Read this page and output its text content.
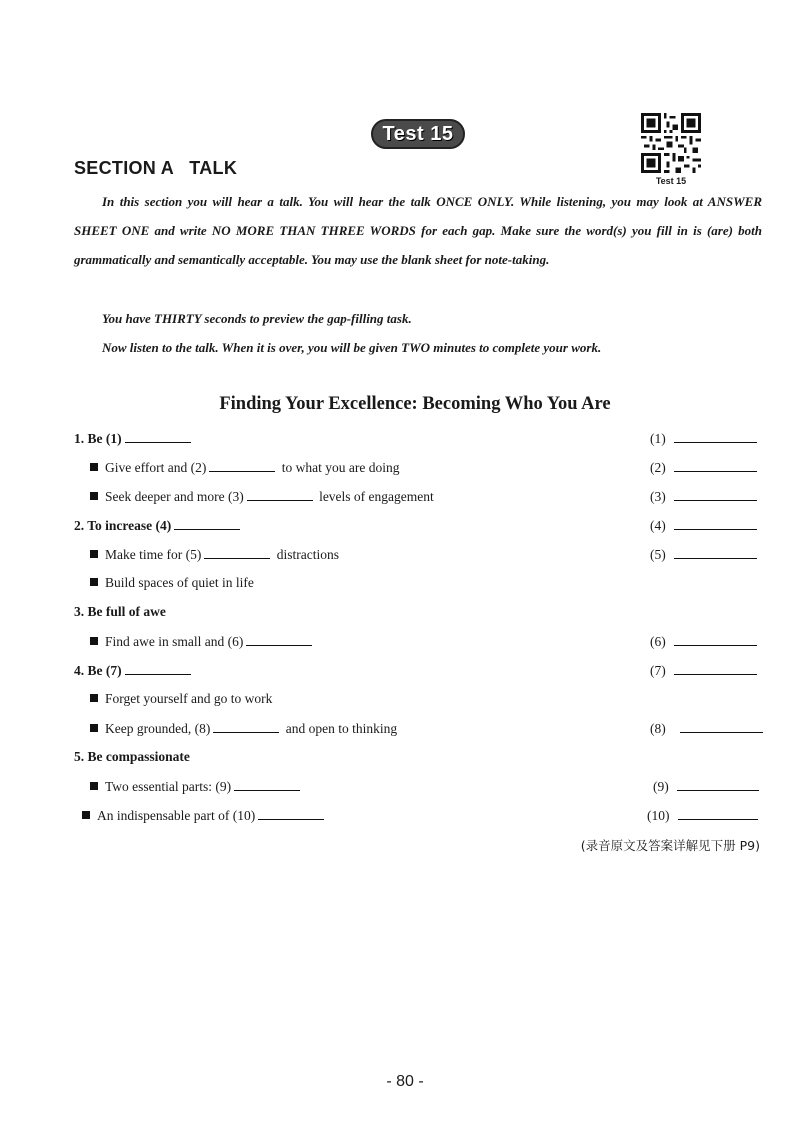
Test 15
Test 15
SECTION A   TALK
In this section you will hear a talk. You will hear the talk ONCE ONLY. While listening, you may look at ANSWER SHEET ONE and write NO MORE THAN THREE WORDS for each gap. Make sure the word(s) you fill in is (are) both grammatically and semantically acceptable. You may use the blank sheet for note-taking.
You have THIRTY seconds to preview the gap-filling task.
Now listen to the talk. When it is over, you will be given TWO minutes to complete your work.
Finding Your Excellence: Becoming Who You Are
1. Be (1)	(1)
Give effort and (2)	to what you are doing	(2)
Seek deeper and more (3)	levels of engagement	(3)
2. To increase (4)	(4)
Make time for (5)	distractions	(5)
Build spaces of quiet in life
3. Be full of awe
Find awe in small and (6)	(6)
4. Be (7)	(7)
Forget yourself and go to work
Keep grounded, (8)	and open to thinking	(8)
5. Be compassionate
Two essential parts: (9)	(9)
An indispensable part of (10)	(10)
(录音原文及答案详解见下册 P9)
- 80 -
